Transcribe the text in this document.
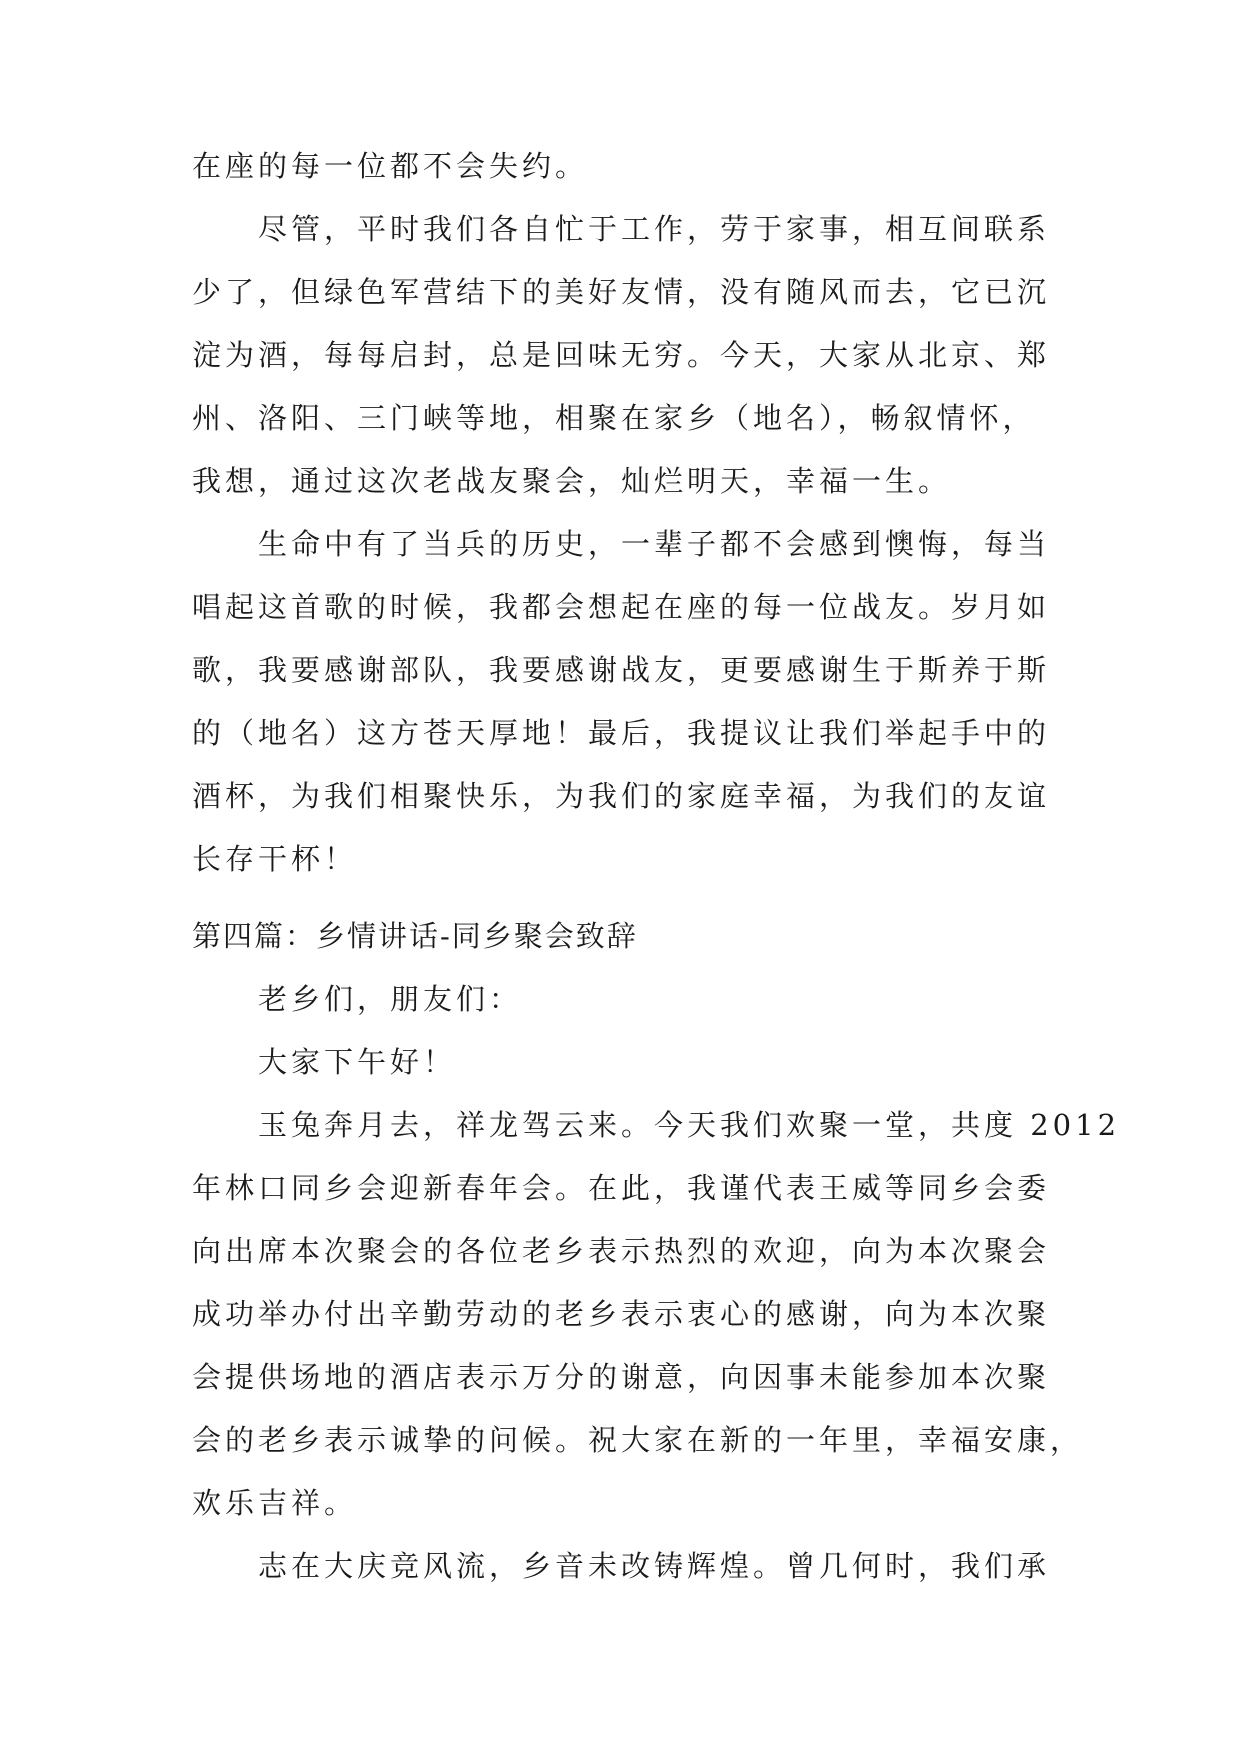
在座的每一位都不会失约。
尽管，平时我们各自忙于工作，劳于家事，相互间联系
少了，但绿色军营结下的美好友情，没有随风而去，它已沉
淀为酒，每每启封，总是回味无穷。今天，大家从北京、郑
州、洛阳、三门峡等地，相聚在家乡（地名），畅叙情怀，
我想，通过这次老战友聚会，灿烂明天，幸福一生。
生命中有了当兵的历史，一辈子都不会感到懊悔，每当
唱起这首歌的时候，我都会想起在座的每一位战友。岁月如
歌，我要感谢部队，我要感谢战友，更要感谢生于斯养于斯
的（地名）这方苍天厚地！最后，我提议让我们举起手中的
酒杯，为我们相聚快乐，为我们的家庭幸福，为我们的友谊
长存干杯！
第四篇：乡情讲话-同乡聚会致辞
老乡们，朋友们：
大家下午好！
玉兔奔月去，祥龙驾云来。今天我们欢聚一堂，共度 2012
年林口同乡会迎新春年会。在此，我谨代表王威等同乡会委
向出席本次聚会的各位老乡表示热烈的欢迎，向为本次聚会
成功举办付出辛勤劳动的老乡表示衷心的感谢，向为本次聚
会提供场地的酒店表示万分的谢意，向因事未能参加本次聚
会的老乡表示诚挚的问候。祝大家在新的一年里，幸福安康，
欢乐吉祥。
志在大庆竞风流，乡音未改铸辉煌。曾几何时，我们承
